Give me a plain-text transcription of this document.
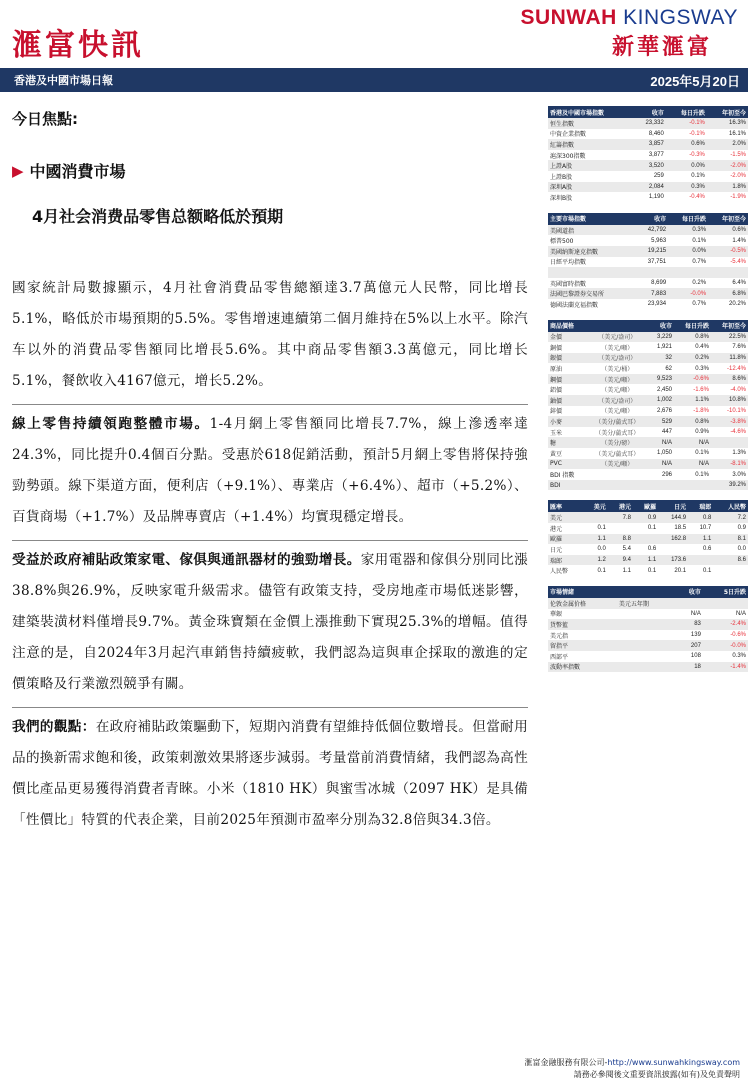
滙富快訊
SUNWAH KINGSWAY
新華滙富
香港及中國市場日報	2025年5月20日

今日焦點:

▶ 中國消費市場
4月社会消费品零售总额略低於預期

國家統計局數據顯示，4月社會消費品零售總額達3.7萬億元人民幣，同比增長5.1%，略低於市場預期的5.5%。零售增速連續第二個月維持在5%以上水平。除汽车以外的消費品零售額同比增長5.6%。其中商品零售額3.3萬億元，同比增长5.1%，餐飲收入4167億元，增长5.2%。

線上零售持續領跑整體市場。1-4月網上零售額同比增長7.7%，線上滲透率達24.3%，同比提升0.4個百分點。受惠於618促銷活動，預計5月網上零售將保持強勁勢頭。線下渠道方面，便利店（+9.1%）、專業店（+6.4%）、超市（+5.2%）、百貨商場（+1.7%）及品牌專賣店（+1.4%）均實現穩定增長。

受益於政府補貼政策家電、傢俱與通訊器材的強勁增長。家用電器和傢俱分別同比漲38.8%與26.9%，反映家電升級需求。儘管有政策支持，受房地產市場低迷影響，建築裝潢材料僅增長9.7%。黃金珠寶類在金價上漲推動下實現25.3%的增幅。值得注意的是，自2024年3月起汽車銷售持續疲軟，我們認為這與車企採取的激進的定價策略及行業激烈競爭有關。

我們的觀點：在政府補貼政策驅動下，短期內消費有望維持低個位數增長。但當耐用品的換新需求飽和後，政策刺激效果將逐步減弱。考量當前消費情緒，我們認為高性價比產品更易獲得消費者青睞。小米（1810 HK）與蜜雪冰城（2097 HK）是具備「性價比」特質的代表企業，目前2025年預測市盈率分別為32.8倍與34.3倍。

香港及中國市場指數		收市	每日升跌	年初至今
恒生指數		23,332	-0.1%	16.3%
中資企業指數		8,460	-0.1%	16.1%
紅籌指數		3,857	0.6%	2.0%
滬深300指數		3,877	-0.3%	-1.5%
上證A股		3,520	0.0%	-2.0%
上證B股		259	0.1%	-2.0%
深圳A股		2,084	0.3%	1.8%
深圳B股		1,190	-0.4%	-1.9%
主要市場指數		收市	每日升跌	年初至今
美國道指		42,792	0.3%	0.6%
標普500		5,963	0.1%	1.4%
美國納斯達克指數		19,215	0.0%	-0.5%
日經平均指數		37,751	0.7%	-5.4%

英國富時指數		8,699	0.2%	6.4%
法國巴黎證券交易所		7,883	-0.0%	6.8%
德國法蘭克福指數		23,934	0.7%	20.2%
商品價格		收市	每日升跌	年初至今
金價	（美元/盎司）	3,229	0.8%	22.5%
銅價	（美元/噸）	1,921	0.4%	7.6%
銀價	（美元/盎司）	32	0.2%	11.8%
原油	（美元/桶）	62	0.3%	-12.4%
鋼價	（美元/噸）	9,523	-0.6%	8.6%
鋁價	（美元/噸）	2,450	-1.6%	-4.0%
鈾價	（美元/盎司）	1,002	1.1%	10.8%
鋅價	（美元/噸）	2,676	-1.8%	-10.1%
小麥	（美分/蒲式耳）	529	0.8%	-3.8%
玉米	（美分/蒲式耳）	447	0.9%	-4.6%
糖	（美分/磅）	N/A	N/A	
黃豆	（美元/蒲式耳）	1,050	0.1%	1.3%
PVC	（美元/噸）	N/A	N/A	-8.1%
BDI 指數		296	0.1%	3.0%
BDI				39.2%
匯率	美元	港元	歐羅	日元	瑞郎	人民幣
美元		7.8	0.9	144.9	0.8	7.2
港元	0.1		0.1	18.5	10.7	0.9
歐羅	1.1	8.8		162.8	1.1	8.1
日元	0.0	5.4	0.6		0.6	0.0
瑞郎	1.2	9.4	1.1	173.6		8.6
人民幣	0.1	1.1	0.1	20.1	0.1	
市場情緒		收市	5日升跌
伦敦金属价格	美元五年期		
華銀		N/A	N/A
貨幣籃		83	-2.4%
美元指		139	-0.6%
留指平		207	-0.0%
西部平		108	0.3%
波動率指數		18	-1.4%
滙富金融服務有限公司-http://www.sunwahkingsway.com
請務必參閱後文重要資訊披露(如有)及免責聲明
